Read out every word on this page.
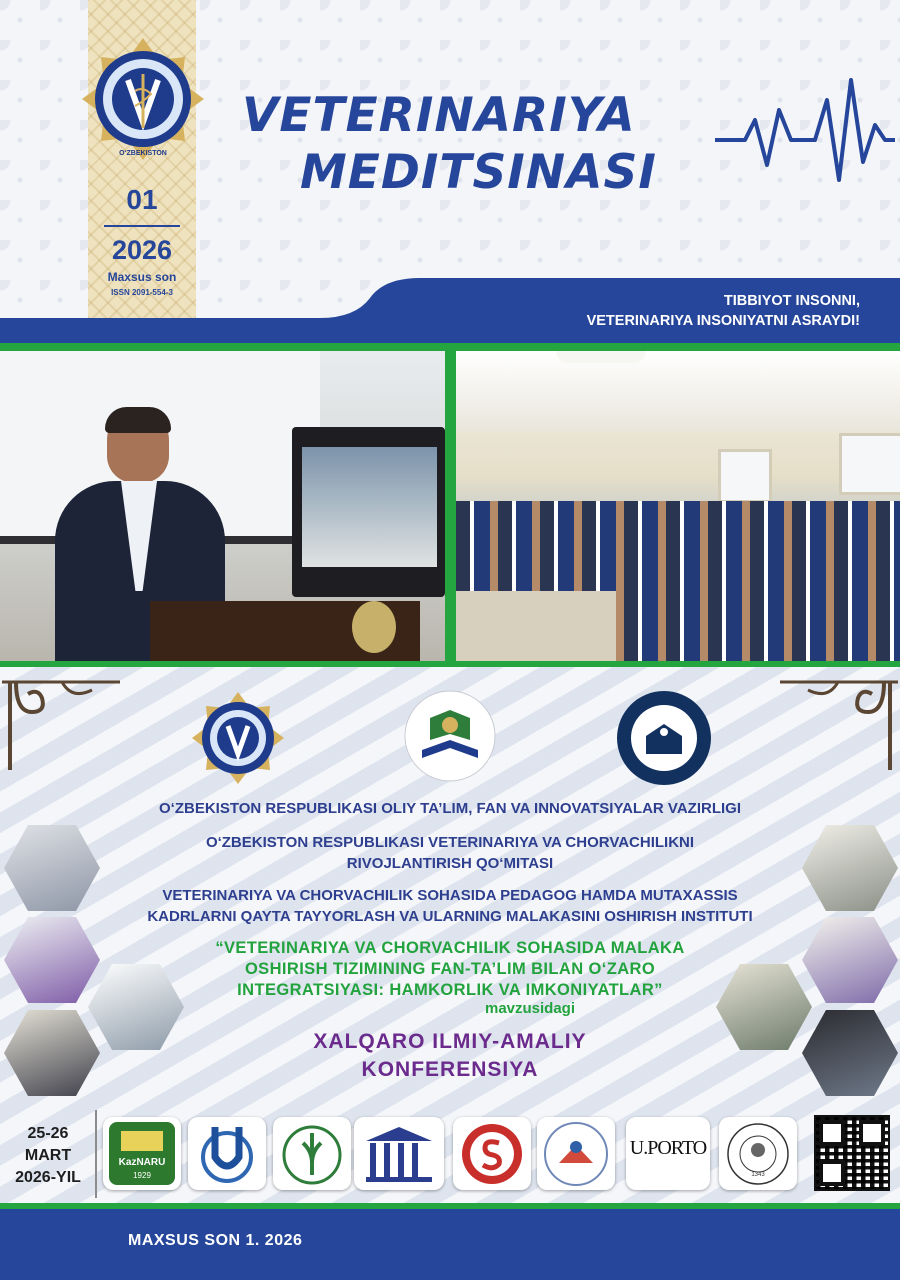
O‘ZBEKISTON
01
2026
Maxsus son
ISSN 2091-554-3
VETERINARIYA
MEDITSINASI
TIBBIYOT INSONNI,
VETERINARIYA INSONIYATNI ASRAYDI!
O‘ZBEKISTON RESPUBLIKASI OLIY TA’LIM, FAN VA INNOVATSIYALAR VAZIRLIGI
O‘ZBEKISTON RESPUBLIKASI VETERINARIYA VA CHORVACHILIKNI
RIVOJLANTIRISH QO‘MITASI
VETERINARIYA VA CHORVACHILIK SOHASIDA PEDAGOG HAMDA MUTAXASSIS
KADRLARNI QAYTA TAYYORLASH VA ULARNING MALAKASINI OSHIRISH INSTITUTI
“VETERINARIYA VA CHORVACHILIK SOHASIDA MALAKA
OSHIRISH TIZIMINING FAN-TA’LIM BILAN O‘ZARO
INTEGRATSIYASI: HAMKORLIK VA IMKONIYATLAR”
mavzusidagi
XALQARO ILMIY-AMALIY
KONFERENSIYA
25-26
MART
2026-YIL
KazNARU
1929
U.PORTO
1343
MAXSUS SON 1. 2026
